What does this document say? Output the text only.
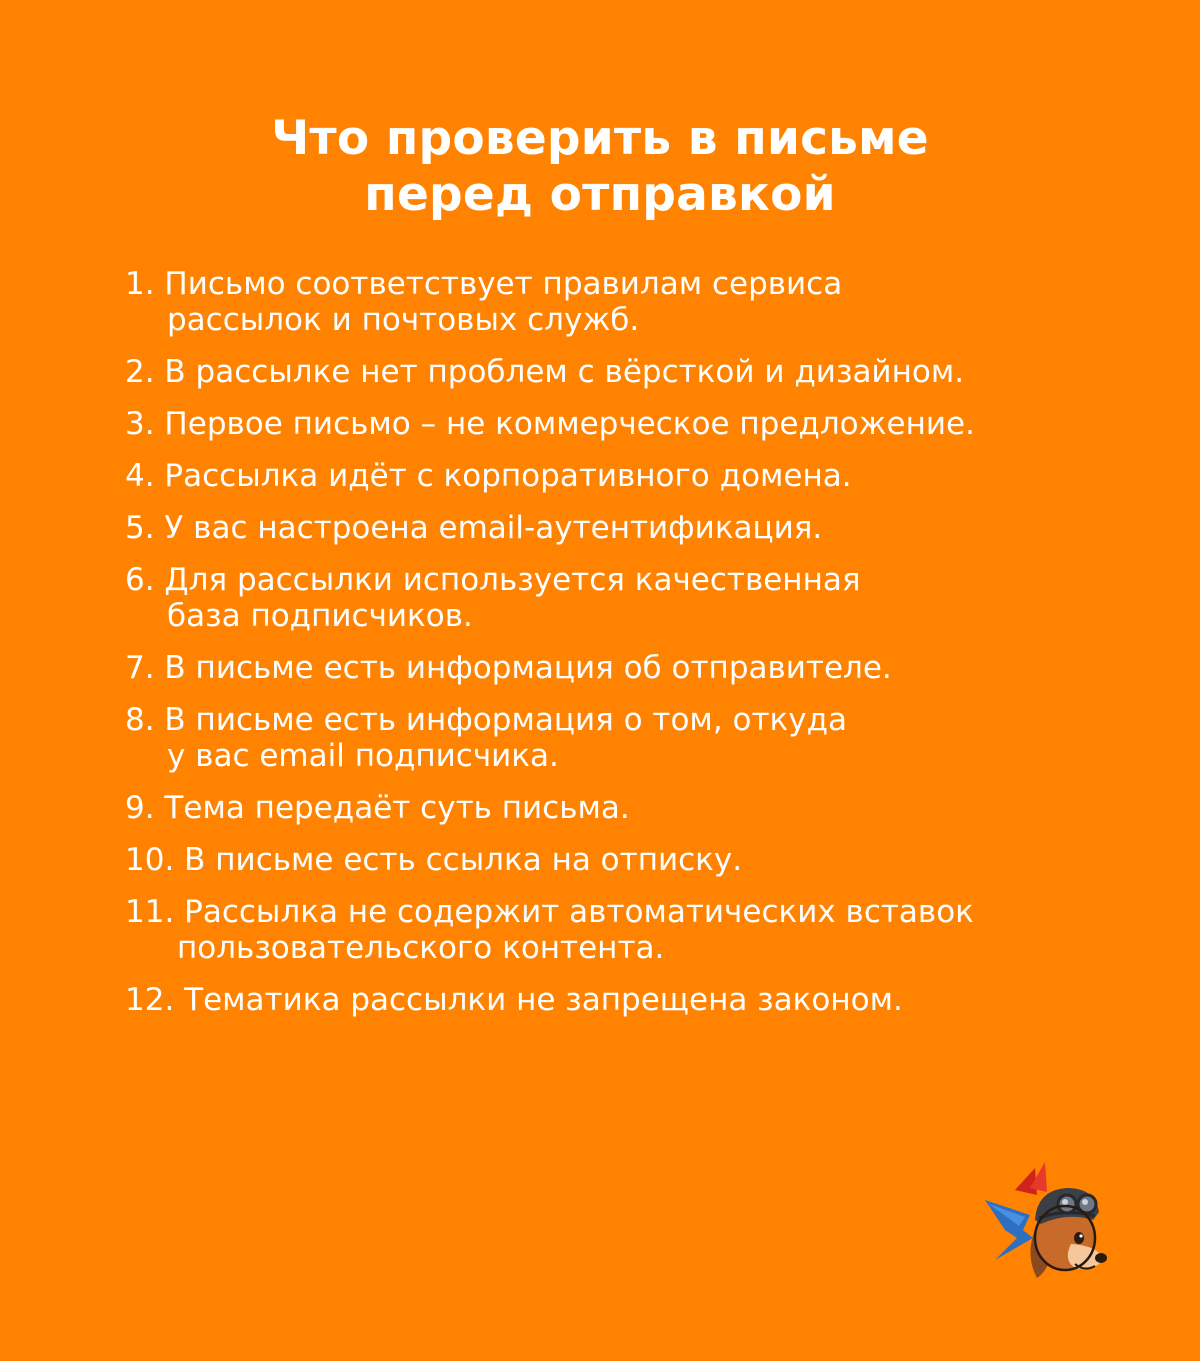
Что проверить в письме
перед отправкой
1. Письмо соответствует правилам сервиса
рассылок и почтовых служб.
2. В рассылке нет проблем с вёрсткой и дизайном.
3. Первое письмо – не коммерческое предложение.
4. Рассылка идёт с корпоративного домена.
5. У вас настроена email-аутентификация.
6. Для рассылки используется качественная
база подписчиков.
7. В письме есть информация об отправителе.
8. В письме есть информация о том, откуда
у вас email подписчика.
9. Тема передаёт суть письма.
10. В письме есть ссылка на отписку.
11. Рассылка не содержит автоматических вставок
пользовательского контента.
12. Тематика рассылки не запрещена законом.
